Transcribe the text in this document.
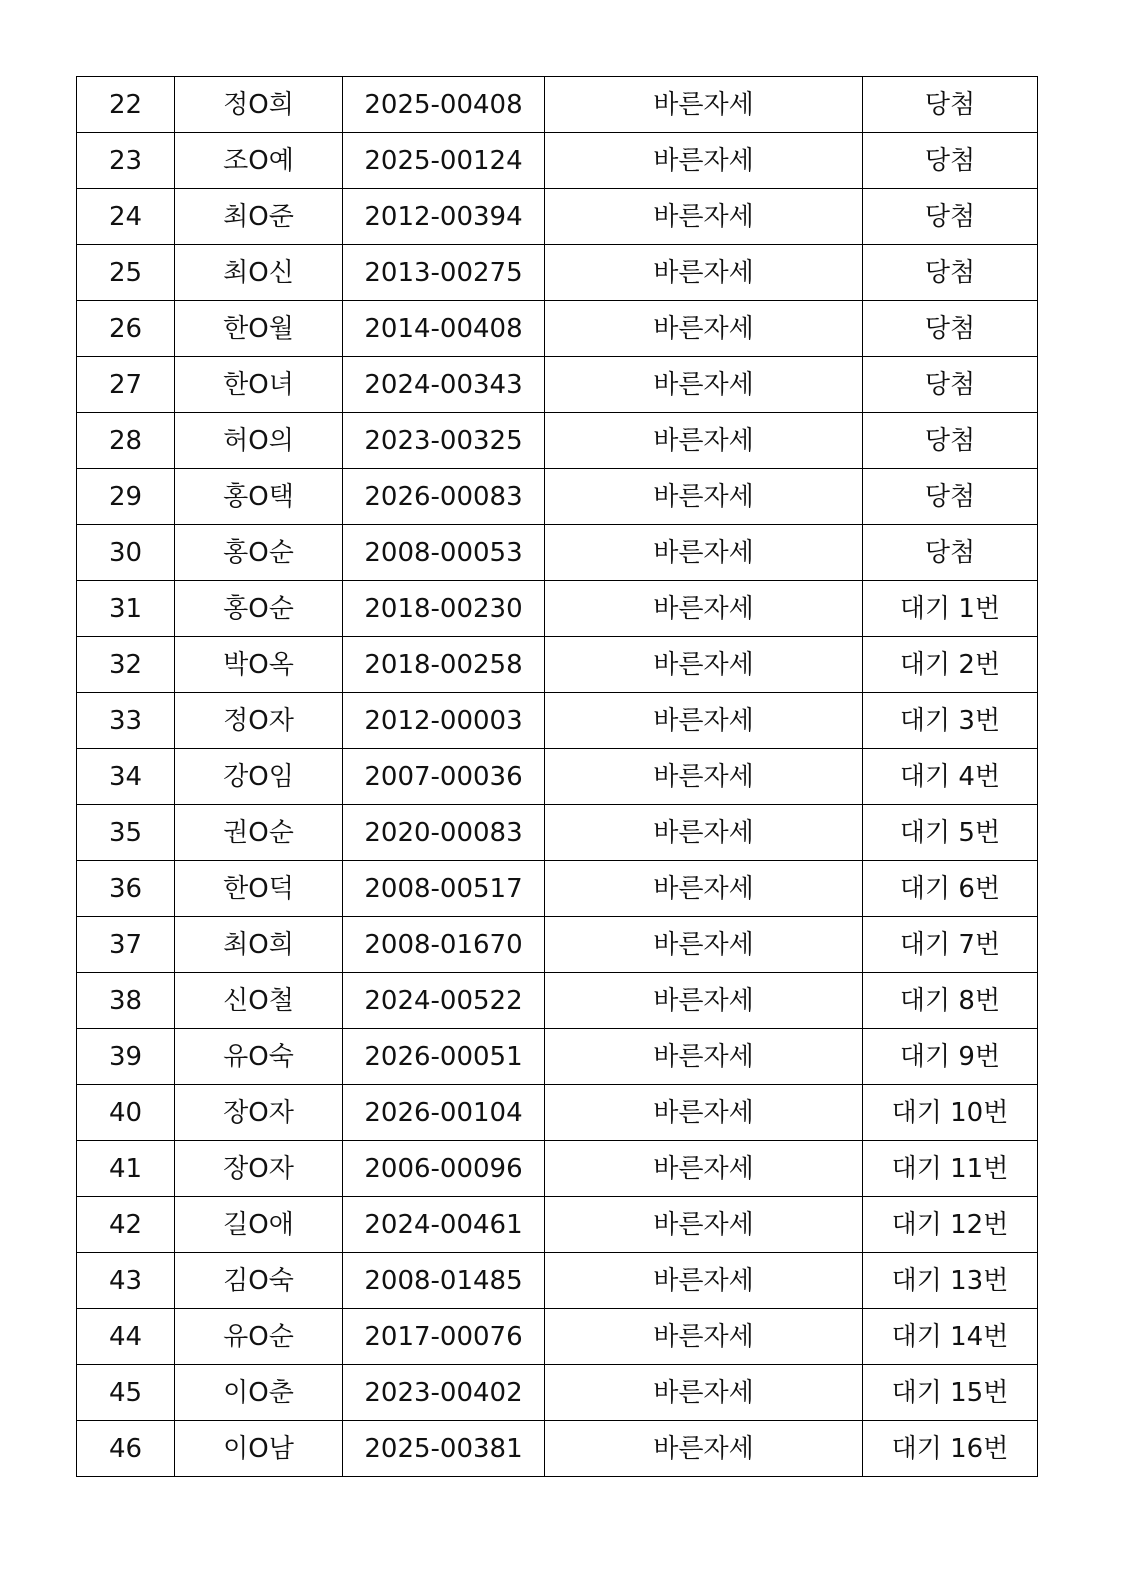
22	정O희	2025-00408	바른자세	당첨
23	조O예	2025-00124	바른자세	당첨
24	최O준	2012-00394	바른자세	당첨
25	최O신	2013-00275	바른자세	당첨
26	한O월	2014-00408	바른자세	당첨
27	한O녀	2024-00343	바른자세	당첨
28	허O의	2023-00325	바른자세	당첨
29	홍O택	2026-00083	바른자세	당첨
30	홍O순	2008-00053	바른자세	당첨
31	홍O순	2018-00230	바른자세	대기 1번
32	박O옥	2018-00258	바른자세	대기 2번
33	정O자	2012-00003	바른자세	대기 3번
34	강O임	2007-00036	바른자세	대기 4번
35	권O순	2020-00083	바른자세	대기 5번
36	한O덕	2008-00517	바른자세	대기 6번
37	최O희	2008-01670	바른자세	대기 7번
38	신O철	2024-00522	바른자세	대기 8번
39	유O숙	2026-00051	바른자세	대기 9번
40	장O자	2026-00104	바른자세	대기 10번
41	장O자	2006-00096	바른자세	대기 11번
42	길O애	2024-00461	바른자세	대기 12번
43	김O숙	2008-01485	바른자세	대기 13번
44	유O순	2017-00076	바른자세	대기 14번
45	이O춘	2023-00402	바른자세	대기 15번
46	이O남	2025-00381	바른자세	대기 16번
